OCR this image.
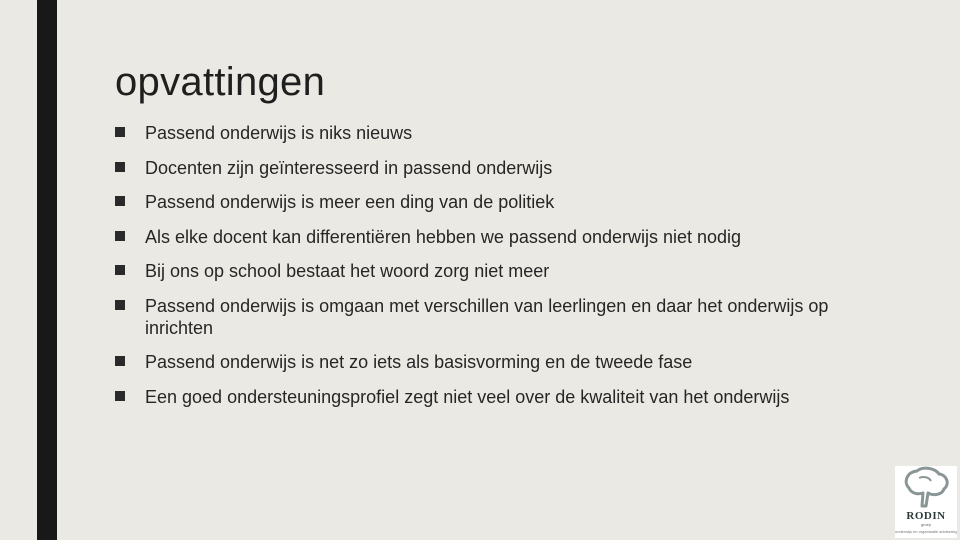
opvattingen
Passend onderwijs is niks nieuws
Docenten zijn geïnteresseerd in passend onderwijs
Passend onderwijs is meer een ding van de politiek
Als elke docent kan differentiëren hebben we passend onderwijs niet nodig
Bij ons op school bestaat het woord zorg niet meer
Passend onderwijs is omgaan met verschillen van leerlingen en daar het onderwijs op inrichten
Passend onderwijs is net zo iets als basisvorming en de tweede fase
Een goed ondersteuningsprofiel zegt niet veel over de kwaliteit van het onderwijs
RODIN
groep
onderwijs en organisatie advisering
